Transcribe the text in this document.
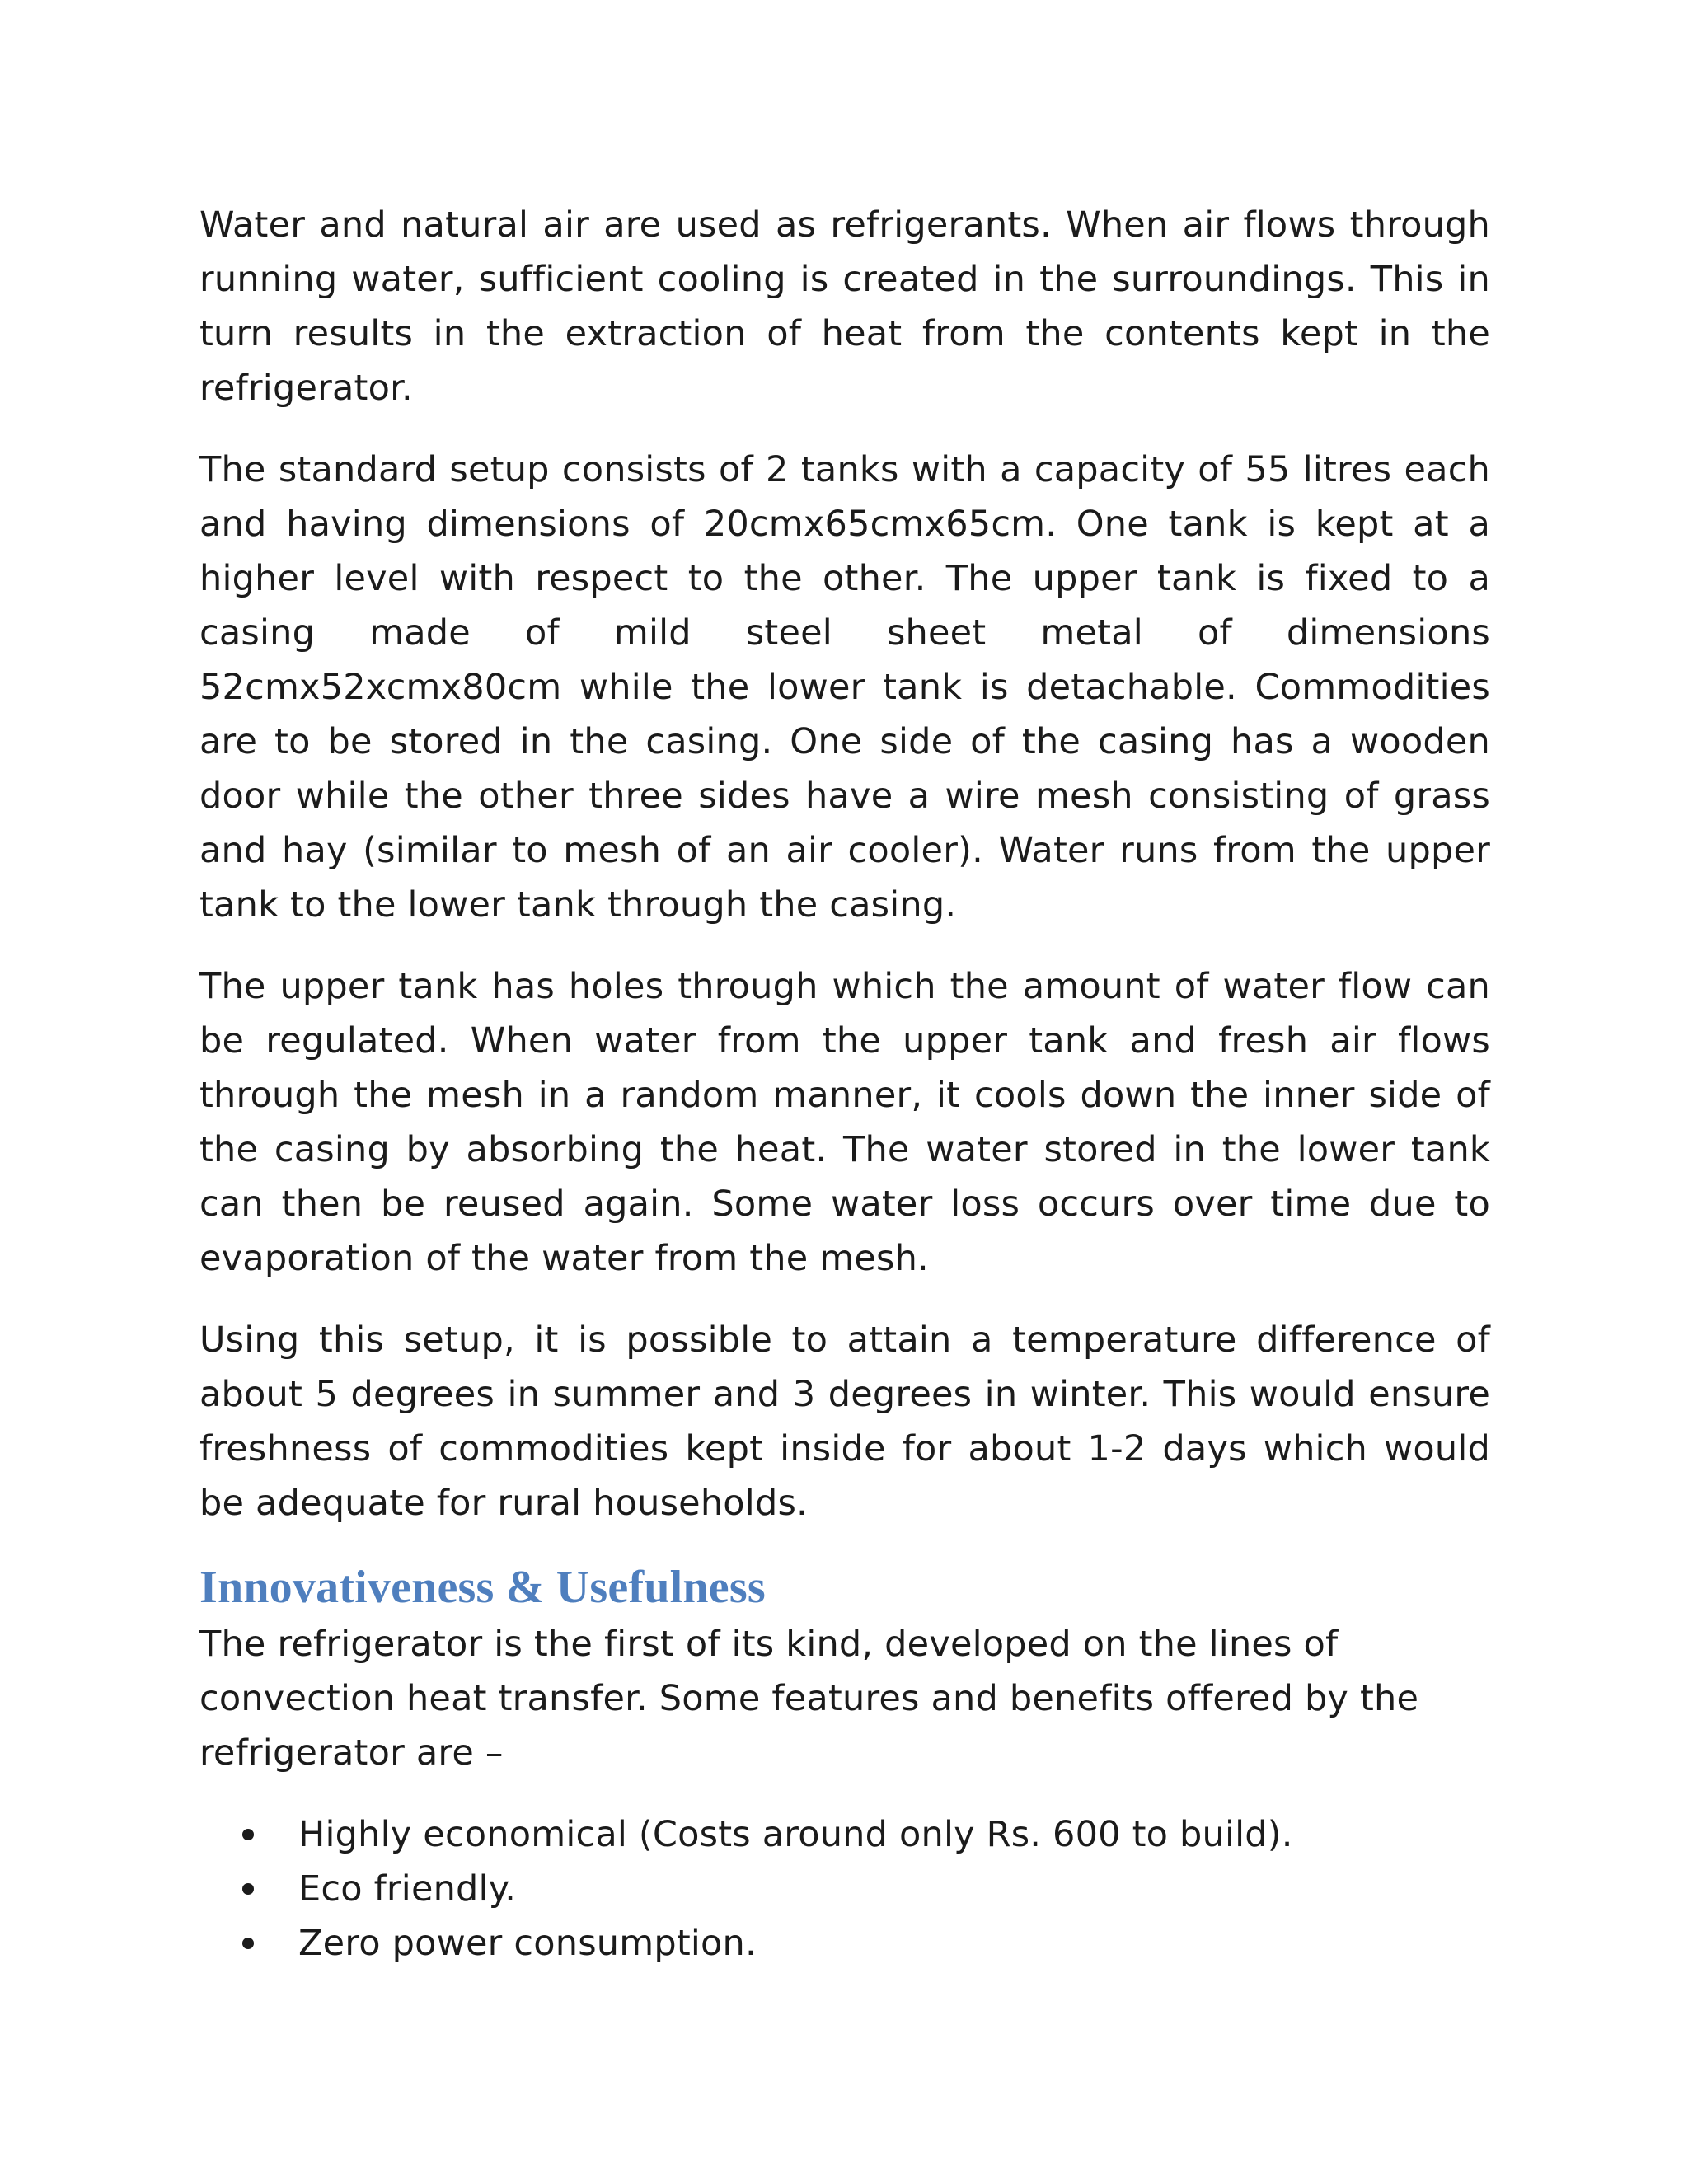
Water and natural air are used as refrigerants. When air flows through running water, sufficient cooling is created in the surroundings. This in turn results in the extraction of heat from the contents kept in the refrigerator.

The standard setup consists of 2 tanks with a capacity of 55 litres each and having dimensions of 20cmx65cmx65cm. One tank is kept at a higher level with respect to the other. The upper tank is fixed to a casing made of mild steel sheet metal of dimensions 52cmx52xcmx80cm while the lower tank is detachable. Commodities are to be stored in the casing. One side of the casing has a wooden door while the other three sides have a wire mesh consisting of grass and hay (similar to mesh of an air cooler). Water runs from the upper tank to the lower tank through the casing.

The upper tank has holes through which the amount of water flow can be regulated. When water from the upper tank and fresh air flows through the mesh in a random manner, it cools down the inner side of the casing by absorbing the heat. The water stored in the lower tank can then be reused again. Some water loss occurs over time due to evaporation of the water from the mesh.

Using this setup, it is possible to attain a temperature difference of about 5 degrees in summer and 3 degrees in winter. This would ensure freshness of commodities kept inside for about 1-2 days which would be adequate for rural households.

Innovativeness & Usefulness

The refrigerator is the first of its kind, developed on the lines of convection heat transfer. Some features and benefits offered by the refrigerator are –

Highly economical (Costs around only Rs. 600 to build).
Eco friendly.
Zero power consumption.
